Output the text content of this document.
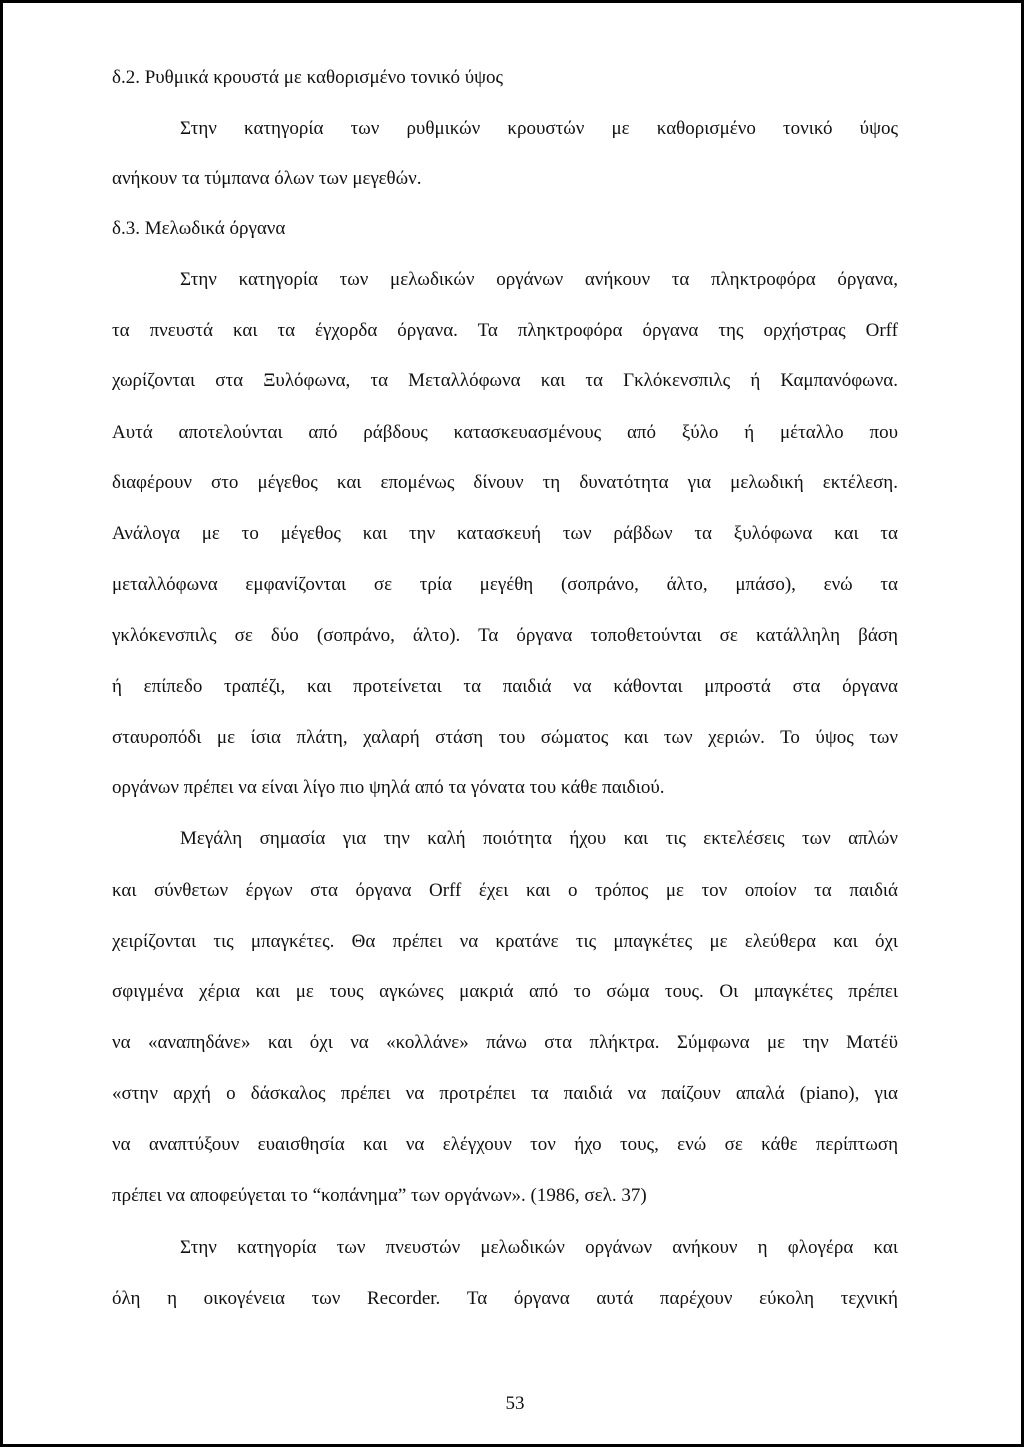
δ.2. Ρυθμικά κρουστά με καθορισμένο τονικό ύψος
Στην κατηγορία των ρυθμικών κρουστών με καθορισμένο τονικό ύψος
ανήκουν τα τύμπανα όλων των μεγεθών.
δ.3. Μελωδικά όργανα
Στην κατηγορία των μελωδικών οργάνων ανήκουν τα πληκτροφόρα όργανα,
τα πνευστά και τα έγχορδα όργανα. Τα πληκτροφόρα όργανα της ορχήστρας Orff
χωρίζονται στα Ξυλόφωνα, τα Μεταλλόφωνα και τα Γκλόκενσπιλς ή Καμπανόφωνα.
Αυτά αποτελούνται από ράβδους κατασκευασμένους από ξύλο ή μέταλλο που
διαφέρουν στο μέγεθος και επομένως δίνουν τη δυνατότητα για μελωδική εκτέλεση.
Ανάλογα με το μέγεθος και την κατασκευή των ράβδων τα ξυλόφωνα και τα
μεταλλόφωνα εμφανίζονται σε τρία μεγέθη (σοπράνο, άλτο, μπάσο), ενώ τα
γκλόκενσπιλς σε δύο (σοπράνο, άλτο). Τα όργανα τοποθετούνται σε κατάλληλη βάση
ή επίπεδο τραπέζι, και προτείνεται τα παιδιά να κάθονται μπροστά στα όργανα
σταυροπόδι με ίσια πλάτη, χαλαρή στάση του σώματος και των χεριών. Το ύψος των
οργάνων πρέπει να είναι λίγο πιο ψηλά από τα γόνατα του κάθε παιδιού.
Μεγάλη σημασία για την καλή ποιότητα ήχου και τις εκτελέσεις των απλών
και σύνθετων έργων στα όργανα Orff έχει και ο τρόπος με τον οποίον τα παιδιά
χειρίζονται τις μπαγκέτες. Θα πρέπει να κρατάνε τις μπαγκέτες με ελεύθερα και όχι
σφιγμένα χέρια και με τους αγκώνες μακριά από το σώμα τους. Οι μπαγκέτες πρέπει
να «αναπηδάνε» και όχι να «κολλάνε» πάνω στα πλήκτρα. Σύμφωνα με την Ματέϋ
«στην αρχή ο δάσκαλος πρέπει να προτρέπει τα παιδιά να παίζουν απαλά (piano), για
να αναπτύξουν ευαισθησία και να ελέγχουν τον ήχο τους, ενώ σε κάθε περίπτωση
πρέπει να αποφεύγεται το “κοπάνημα” των οργάνων». (1986, σελ. 37)
Στην κατηγορία των πνευστών μελωδικών οργάνων ανήκουν η φλογέρα και
όλη η οικογένεια των Recorder. Τα όργανα αυτά παρέχουν εύκολη τεχνική
53
